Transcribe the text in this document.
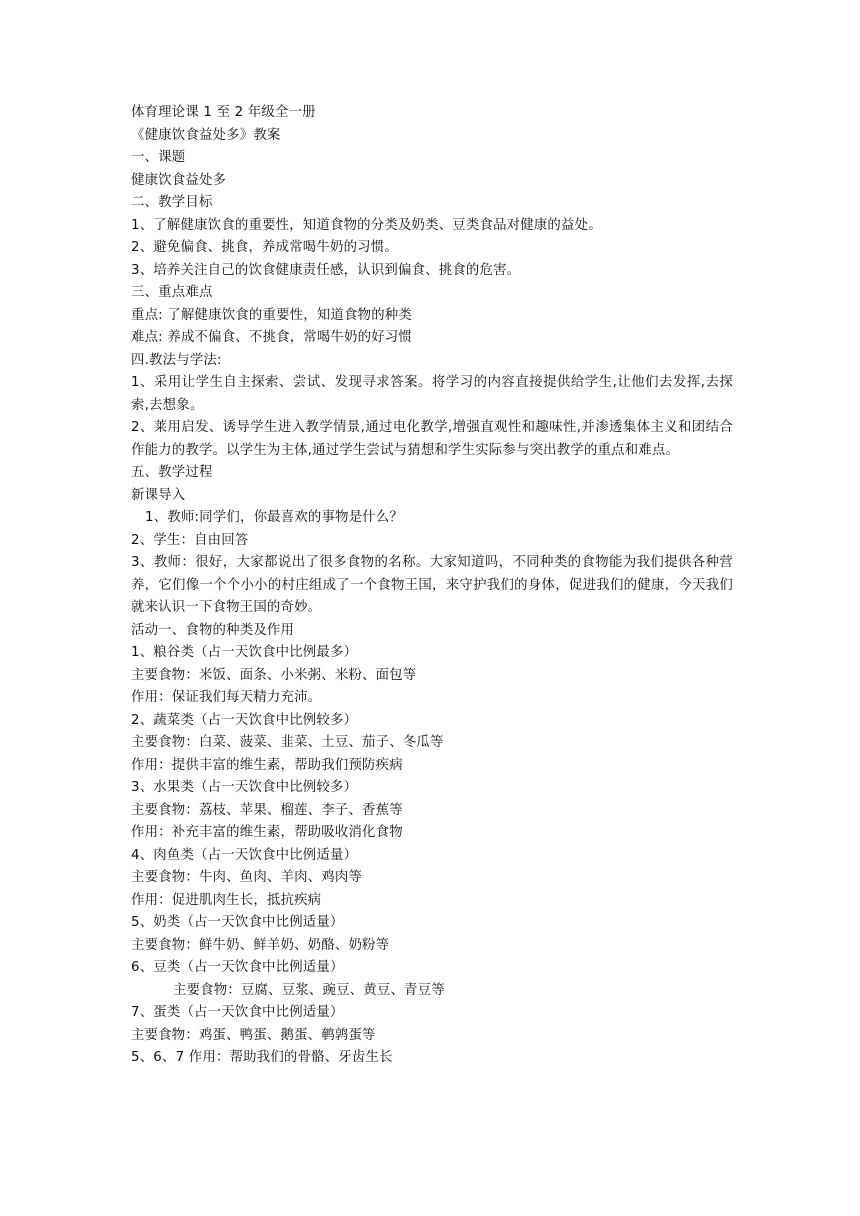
体育理论课 1 至 2 年级全一册

《健康饮食益处多》教案

一、课题

健康饮食益处多

二、教学目标

1、了解健康饮食的重要性，知道食物的分类及奶类、豆类食品对健康的益处。

2、避免偏食、挑食，养成常喝牛奶的习惯。

3、培养关注自己的饮食健康责任感，认识到偏食、挑食的危害。

三、重点难点

重点: 了解健康饮食的重要性，知道食物的种类

难点: 养成不偏食、不挑食，常喝牛奶的好习惯

四.教法与学法:

1、采用让学生自主探索、尝试、发现寻求答案。将学习的内容直接提供给学生,让他们去发挥,去探索,去想象。

2、莱用启发、诱导学生进入教学情景,通过电化教学,增强直观性和趣味性,并渗透集体主义和团结合作能力的教学。以学生为主体,通过学生尝试与猜想和学生实际参与突出教学的重点和难点。

五、教学过程

新课导入

1、教师:同学们，你最喜欢的事物是什么？

2、学生：自由回答

3、教师：很好，大家都说出了很多食物的名称。大家知道吗，不同种类的食物能为我们提供各种营养，它们像一个个小小的村庄组成了一个食物王国，来守护我们的身体，促进我们的健康，今天我们就来认识一下食物王国的奇妙。

活动一、食物的种类及作用

1、粮谷类（占一天饮食中比例最多）

主要食物：米饭、面条、小米粥、米粉、面包等

作用：保证我们每天精力充沛。

2、蔬菜类（占一天饮食中比例较多）

主要食物：白菜、菠菜、韭菜、土豆、茄子、冬瓜等

作用：提供丰富的维生素，帮助我们预防疾病

3、水果类（占一天饮食中比例较多）

主要食物：荔枝、苹果、榴莲、李子、香蕉等

作用：补充丰富的维生素，帮助吸收消化食物

4、肉鱼类（占一天饮食中比例适量）

主要食物：牛肉、鱼肉、羊肉、鸡肉等

作用：促进肌肉生长，抵抗疾病

5、奶类（占一天饮食中比例适量）

主要食物：鲜牛奶、鲜羊奶、奶酪、奶粉等

6、豆类（占一天饮食中比例适量）

主要食物：豆腐、豆浆、豌豆、黄豆、青豆等

7、蛋类（占一天饮食中比例适量）

主要食物：鸡蛋、鸭蛋、鹅蛋、鹌鹑蛋等

5、6、7 作用：帮助我们的骨骼、牙齿生长
